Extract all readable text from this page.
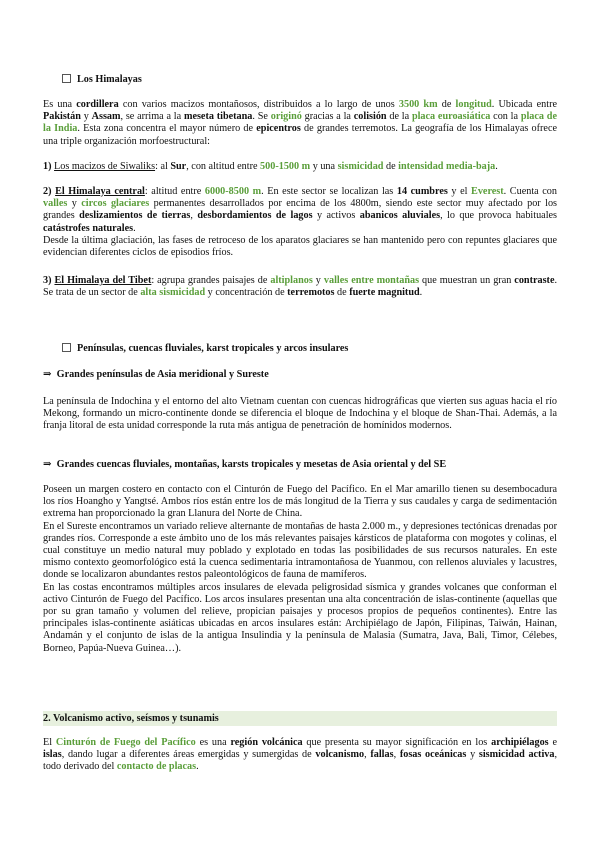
Los Himalayas
Es una cordillera con varios macizos montañosos, distribuidos a lo largo de unos 3500 km de longitud. Ubicada entre Pakistán y Assam, se arrima a la meseta tibetana. Se originó gracias a la colisión de la placa euroasiática con la placa de la India. Esta zona concentra el mayor número de epicentros de grandes terremotos. La geografía de los Himalayas ofrece una triple organización morfoestructural:
1) Los macizos de Siwaliks: al Sur, con altitud entre 500-1500 m y una sismicidad de intensidad media-baja.
2) El Himalaya central: altitud entre 6000-8500 m. En este sector se localizan las 14 cumbres y el Everest. Cuenta con valles y circos glaciares permanentes desarrollados por encima de los 4800m, siendo este sector muy afectado por los grandes deslizamientos de tierras, desbordamientos de lagos y activos abanicos aluviales, lo que provoca habituales catástrofes naturales.
Desde la última glaciación, las fases de retroceso de los aparatos glaciares se han mantenido pero con repuntes glaciares que evidencian diferentes ciclos de episodios fríos.
3) El Himalaya del Tibet: agrupa grandes paisajes de altiplanos y valles entre montañas que muestran un gran contraste. Se trata de un sector de alta sismicidad y concentración de terremotos de fuerte magnitud.
Penínsulas, cuencas fluviales, karst tropicales y arcos insulares
⇒ Grandes penínsulas de Asia meridional y Sureste
La península de Indochina y el entorno del alto Vietnam cuentan con cuencas hidrográficas que vierten sus aguas hacia el río Mekong, formando un micro-continente donde se diferencia el bloque de Indochina y el bloque de Shan-Thai. Además, a la franja litoral de esta unidad corresponde la ruta más antigua de penetración de homínidos modernos.
⇒ Grandes cuencas fluviales, montañas, karsts tropicales y mesetas de Asia oriental y del SE
Poseen un margen costero en contacto con el Cinturón de Fuego del Pacífico. En el Mar amarillo tienen su desembocadura los ríos Hoangho y Yangtsé. Ambos ríos están entre los de más longitud de la Tierra y sus caudales y carga de sedimentación extrema han proporcionado la gran Llanura del Norte de China.
En el Sureste encontramos un variado relieve alternante de montañas de hasta 2.000 m., y depresiones tectónicas drenadas por grandes ríos. Corresponde a este ámbito uno de los más relevantes paisajes kársticos de plataforma con mogotes y colinas, el cual constituye un medio natural muy poblado y explotado en todas las posibilidades de sus recursos naturales. En este mismo contexto geomorfológico está la cuenca sedimentaria intramontañosa de Yuanmou, con rellenos aluviales y lacustres, donde se localizaron abundantes restos paleontológicos de fauna de mamíferos.
En las costas encontramos múltiples arcos insulares de elevada peligrosidad sísmica y grandes volcanes que conforman el activo Cinturón de Fuego del Pacífico. Los arcos insulares presentan una alta concentración de islas-continente (aquellas que por su gran tamaño y volumen del relieve, propician paisajes y procesos propios de pequeños continentes). Entre las principales islas-continente asiáticas ubicadas en arcos insulares están: Archipiélago de Japón, Filipinas, Taiwán, Hainan, Andamán y el conjunto de islas de la antigua Insulindia y la península de Malasia (Sumatra, Java, Bali, Timor, Célebes, Borneo, Papúa-Nueva Guinea…).
2. Volcanismo activo, seísmos y tsunamis
El Cinturón de Fuego del Pacífico es una región volcánica que presenta su mayor significación en los archipiélagos e islas, dando lugar a diferentes áreas emergidas y sumergidas de volcanismo, fallas, fosas oceánicas y sismicidad activa, todo derivado del contacto de placas.
